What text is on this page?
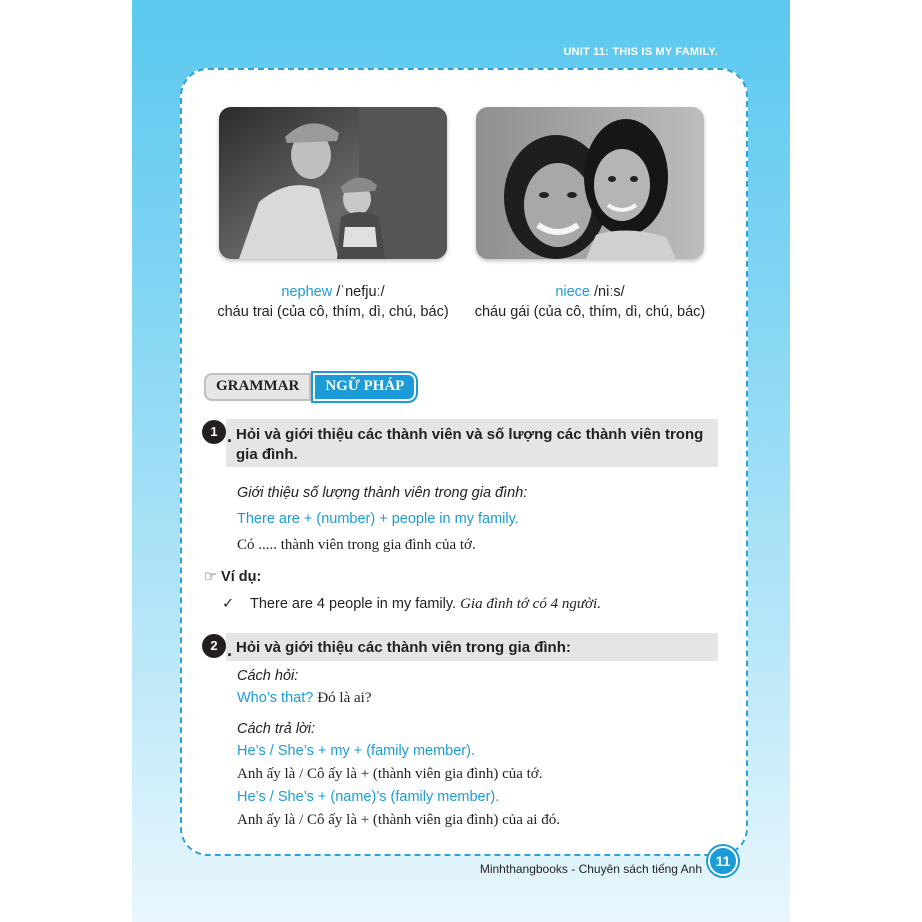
UNIT 11: THIS IS MY FAMILY.
nephew /ˈnefjuː/
cháu trai (của cô, thím, dì, chú, bác)
niece /niːs/
cháu gái (của cô, thím, dì, chú, bác)
GRAMMAR	NGỮ PHÁP
1 .	Hỏi và giới thiệu các thành viên và số lượng các thành viên trong gia đình.
Giới thiệu số lượng thành viên trong gia đình:
There are + (number) + people in my family.
Có ..... thành viên trong gia đình của tớ.
☞ Ví dụ:
✓ There are 4 people in my family. Gia đình tớ có 4 người.
2 .	Hỏi và giới thiệu các thành viên trong gia đình:
Cách hỏi:
Who’s that? Đó là ai?
Cách trả lời:
He’s / She’s + my + (family member).
Anh ấy là / Cô ấy là + (thành viên gia đình) của tớ.
He’s / She’s + (name)’s (family member).
Anh ấy là / Cô ấy là + (thành viên gia đình) của ai đó.
11
Minhthangbooks - Chuyên sách tiếng Anh
